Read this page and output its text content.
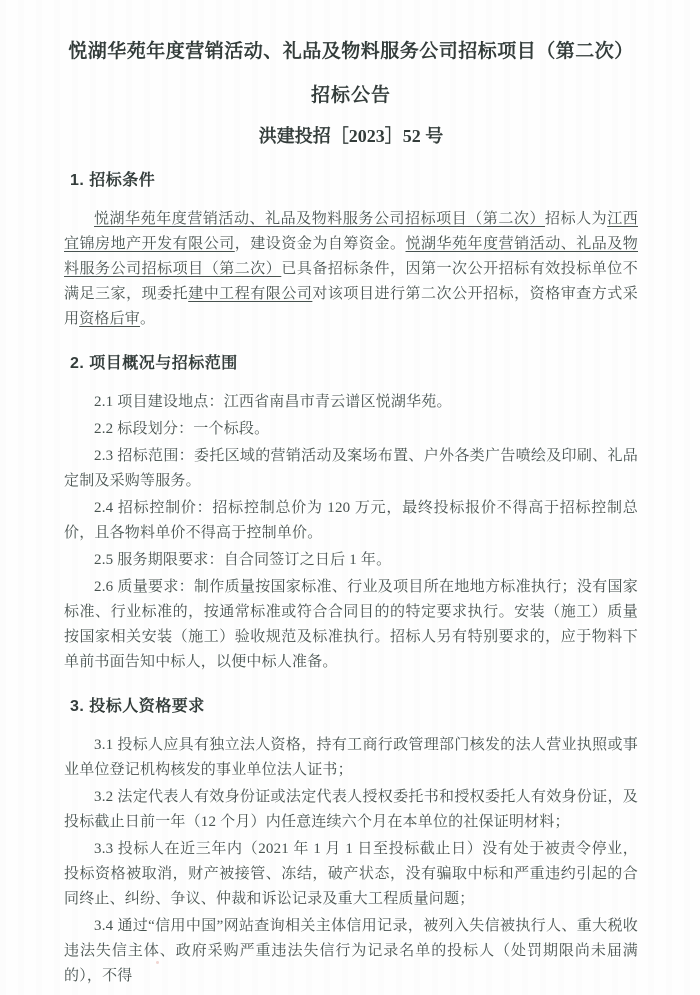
悦湖华苑年度营销活动、礼品及物料服务公司招标项目（第二次）
招标公告
洪建投招［2023］52 号
1. 招标条件

悦湖华苑年度营销活动、礼品及物料服务公司招标项目（第二次）招标人为江西宜锦房地产开发有限公司，建设资金为自筹资金。悦湖华苑年度营销活动、礼品及物料服务公司招标项目（第二次）已具备招标条件，因第一次公开招标有效投标单位不满足三家，现委托建中工程有限公司对该项目进行第二次公开招标，资格审查方式采用资格后审。

2. 项目概况与招标范围

2.1 项目建设地点：江西省南昌市青云谱区悦湖华苑。

2.2 标段划分：一个标段。

2.3 招标范围：委托区域的营销活动及案场布置、户外各类广告喷绘及印刷、礼品定制及采购等服务。

2.4 招标控制价：招标控制总价为 120 万元，最终投标报价不得高于招标控制总价，且各物料单价不得高于控制单价。

2.5 服务期限要求：自合同签订之日后 1 年。

2.6 质量要求：制作质量按国家标准、行业及项目所在地地方标准执行；没有国家标准、行业标准的，按通常标准或符合合同目的的特定要求执行。安装（施工）质量按国家相关安装（施工）验收规范及标准执行。招标人另有特别要求的，应于物料下单前书面告知中标人，以便中标人准备。

3. 投标人资格要求

3.1 投标人应具有独立法人资格，持有工商行政管理部门核发的法人营业执照或事业单位登记机构核发的事业单位法人证书；

3.2 法定代表人有效身份证或法定代表人授权委托书和授权委托人有效身份证，及投标截止日前一年（12 个月）内任意连续六个月在本单位的社保证明材料；

3.3 投标人在近三年内（2021 年 1 月 1 日至投标截止日）没有处于被责令停业，投标资格被取消，财产被接管、冻结，破产状态，没有骗取中标和严重违约引起的合同终止、纠纷、争议、仲裁和诉讼记录及重大工程质量问题；

3.4 通过“信用中国”网站查询相关主体信用记录，被列入失信被执行人、重大税收违法失信主体、政府采购严重违法失信行为记录名单的投标人（处罚期限尚未届满的），不得
